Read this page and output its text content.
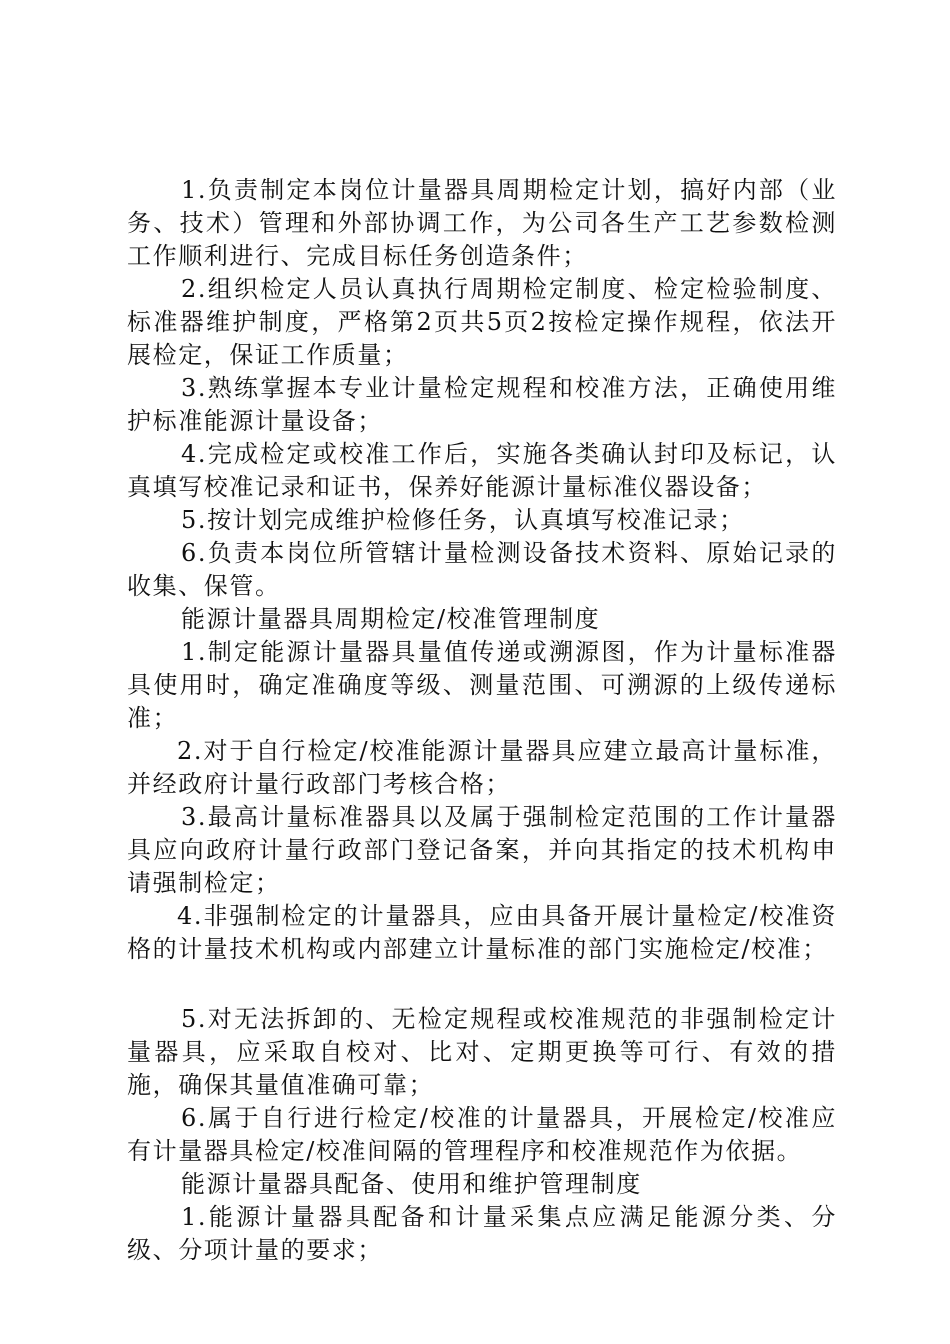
1.负责制定本岗位计量器具周期检定计划，搞好内部（业务、技术）管理和外部协调工作，为公司各生产工艺参数检测工作顺利进行、完成目标任务创造条件；

2.组织检定人员认真执行周期检定制度、检定检验制度、标准器维护制度，严格第2页共5页2按检定操作规程，依法开展检定，保证工作质量；

3.熟练掌握本专业计量检定规程和校准方法，正确使用维护标准能源计量设备；

4.完成检定或校准工作后，实施各类确认封印及标记，认真填写校准记录和证书，保养好能源计量标准仪器设备；

5.按计划完成维护检修任务，认真填写校准记录；

6.负责本岗位所管辖计量检测设备技术资料、原始记录的收集、保管。

能源计量器具周期检定/校准管理制度

1.制定能源计量器具量值传递或溯源图，作为计量标准器具使用时，确定准确度等级、测量范围、可溯源的上级传递标准；

2.对于自行检定/校准能源计量器具应建立最高计量标准，并经政府计量行政部门考核合格；

3.最高计量标准器具以及属于强制检定范围的工作计量器具应向政府计量行政部门登记备案，并向其指定的技术机构申请强制检定；

4.非强制检定的计量器具，应由具备开展计量检定/校准资格的计量技术机构或内部建立计量标准的部门实施检定/校准；

5.对无法拆卸的、无检定规程或校准规范的非强制检定计量器具，应采取自校对、比对、定期更换等可行、有效的措施，确保其量值准确可靠；

6.属于自行进行检定/校准的计量器具，开展检定/校准应有计量器具检定/校准间隔的管理程序和校准规范作为依据。

能源计量器具配备、使用和维护管理制度

1.能源计量器具配备和计量采集点应满足能源分类、分级、分项计量的要求；
